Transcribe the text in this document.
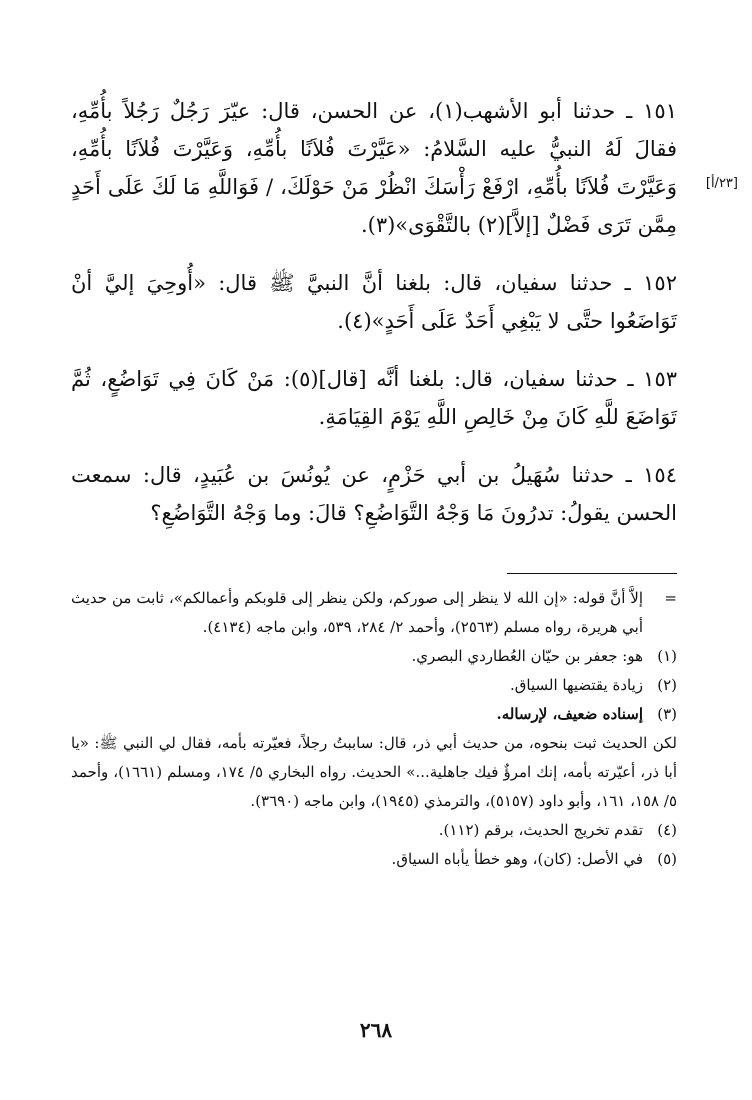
[٢٣/أ]

١٥١ ـ حدثنا أبو الأشهب(١)، عن الحسن، قال: عيّرَ رَجُلٌ رَجُلاً بأُمِّهِ، فقالَ لَهُ النبيُّ عليه السَّلامُ: «عَيَّرْتَ فُلاَنًا بأُمِّهِ، وَعَيَّرْتَ فُلاَنًا بأُمِّهِ، وَعَيَّرْتَ فُلاَنًا بأُمِّهِ، ارْفَعْ رَأْسَكَ انْظُرْ مَنْ حَوْلَكَ، / فَوَاللَّهِ مَا لَكَ عَلَى أَحَدٍ مِمَّن تَرَى فَضْلٌ [إلاَّ](٢) بالتَّقْوَى»(٣).

١٥٢ ـ حدثنا سفيان، قال: بلغنا أنَّ النبيَّ ﷺ قال: «أُوحِيَ إليَّ أنْ تَوَاضَعُوا حتَّى لا يَبْغِي أَحَدٌ عَلَى أَحَدٍ»(٤).

١٥٣ ـ حدثنا سفيان، قال: بلغنا أنَّه [قال](٥): مَنْ كَانَ فِي تَوَاضُعٍ، ثُمَّ تَوَاضَعَ للَّهِ كَانَ مِنْ خَالِصِ اللَّهِ يَوْمَ القِيَامَةِ.

١٥٤ ـ حدثنا سُهَيلُ بن أبي حَزْمٍ، عن يُونُسَ بن عُبَيدٍ، قال: سمعت الحسن يقولُ: تدرُونَ مَا وَجْهُ التَّوَاضُعِ؟ قالَ: وما وَجْهُ التَّوَاضُعِ؟

=
إلاَّ أنَّ قوله: «إن الله لا ينظر إلى صوركم، ولكن ينظر إلى قلوبكم وأعمالكم»، ثابت من حديث أبي هريرة، رواه مسلم (٢٥٦٣)، وأحمد ٢/ ٢٨٤، ٥٣٩، وابن ماجه (٤١٣٤).
(١)
هو: جعفر بن حيّان العُطاردي البصري.
(٢)
زيادة يقتضيها السياق.
(٣)
إسناده ضعيف، لإرساله.
لكن الحديث ثبت بنحوه، من حديث أبي ذر، قال: ساببتُ رجلاً، فعيّرته بأمه، فقال لي النبي ﷺ: «يا أبا ذر، أعيّرته بأمه، إنك امرؤٌ فيك جاهلية...» الحديث. رواه البخاري ٥/ ١٧٤، ومسلم (١٦٦١)، وأحمد ٥/ ١٥٨، ١٦١، وأبو داود (٥١٥٧)، والترمذي (١٩٤٥)، وابن ماجه (٣٦٩٠).
(٤)
تقدم تخريج الحديث، برقم (١١٢).
(٥)
في الأصل: (كان)، وهو خطأ يأباه السياق.
٢٦٨
